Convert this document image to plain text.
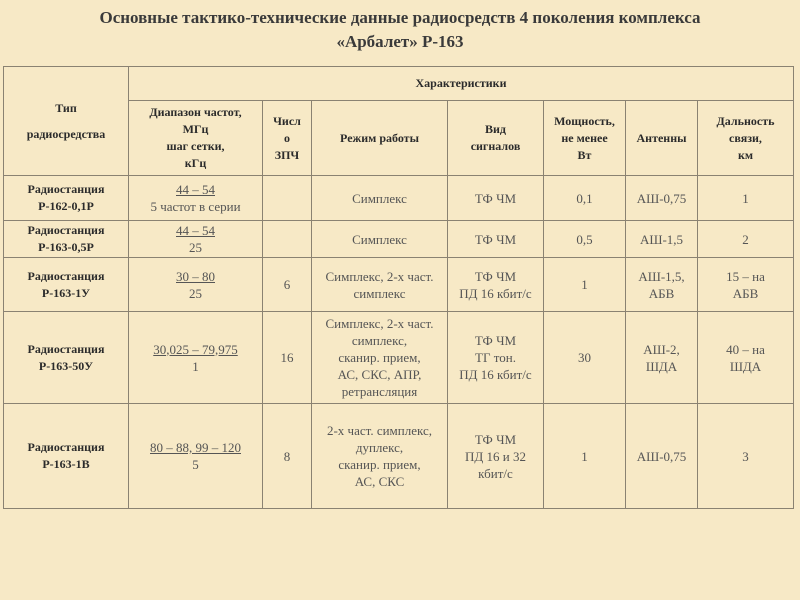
Основные тактико-технические данные радиосредств 4 поколения комплекса
«Арбалет» Р-163
Тип
радиосредства	Характеристики						
	Диапазон частот,
МГц
шаг сетки,
кГц	Числ
о
ЗПЧ	Режим работы	Вид
сигналов	Мощность,
не менее
Вт	Антенны	Дальность
связи,
км
Радиостанция
Р-162-0,1Р	44 – 54
5 частот в серии		Симплекс	ТФ ЧМ	0,1	АШ-0,75	1
Радиостанция
Р-163-0,5Р	44 – 54
25		Симплекс	ТФ ЧМ	0,5	АШ-1,5	2
Радиостанция
Р-163-1У	30 – 80
25	6	Симплекс, 2-х част.
симплекс	ТФ ЧМ
ПД 16 кбит/с	1	АШ-1,5,
АБВ	15 – на
АБВ
Радиостанция
Р-163-50У	30,025 – 79,975
1	16	Симплекс, 2-х част.
симплекс,
сканир. прием,
АС, СКС, АПР,
ретрансляция	ТФ ЧМ
ТГ тон.
ПД 16 кбит/с	30	АШ-2,
ШДА	40 – на
ШДА
Радиостанция
Р-163-1В	80 – 88, 99 – 120
5	8	2-х част. симплекс,
дуплекс,
сканир. прием,
АС, СКС	ТФ ЧМ
ПД 16 и 32
кбит/с	1	АШ-0,75	3
